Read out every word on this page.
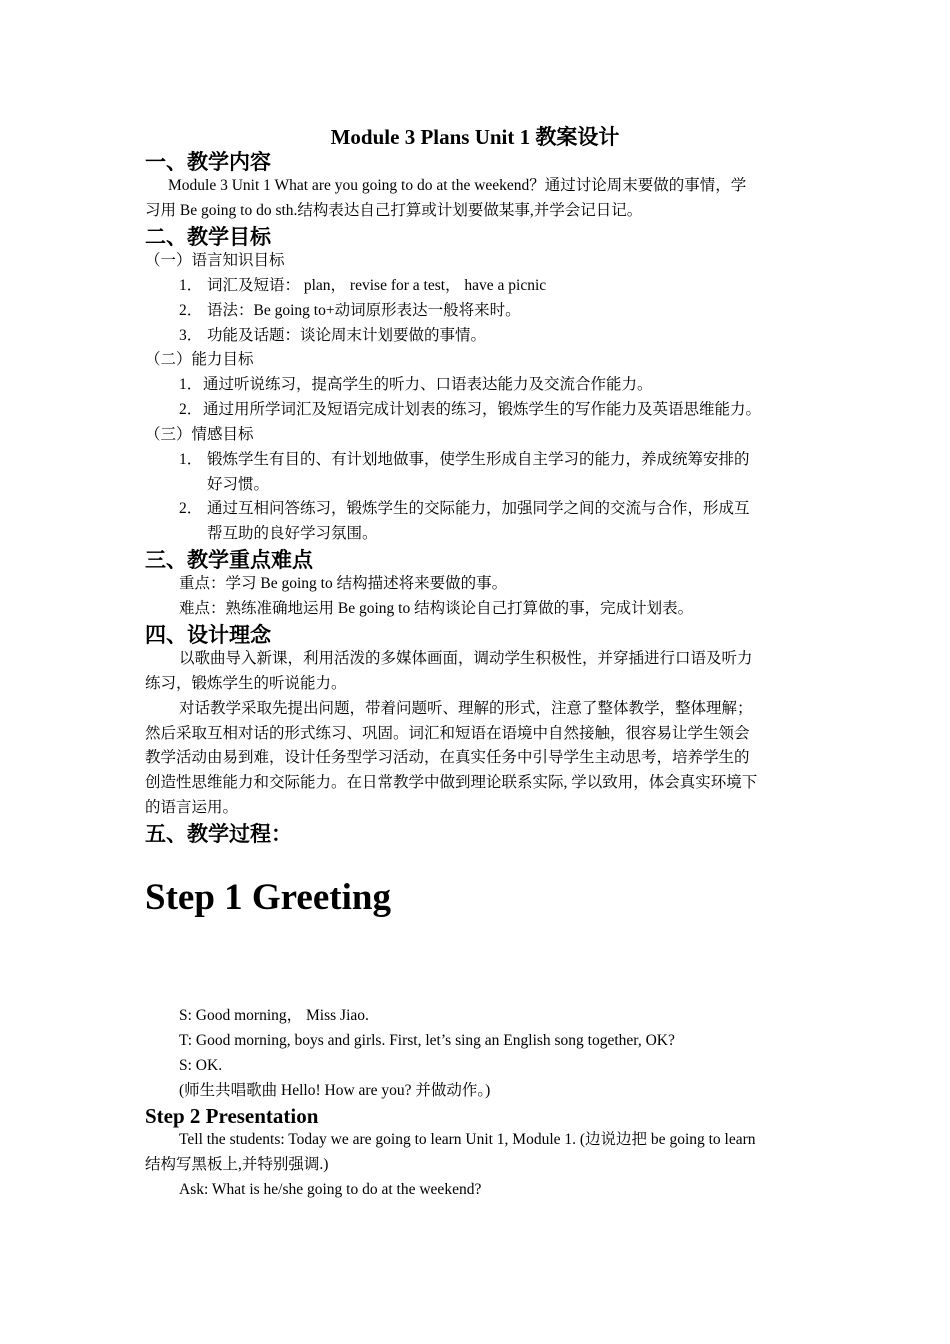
Module 3 Plans Unit 1 教案设计
一、教学内容
Module 3 Unit 1 What are you going to do at the weekend？通过讨论周末要做的事情，学
习用 Be going to do sth.结构表达自己打算或计划要做某事,并学会记日记。
二、教学目标
（一）语言知识目标
1． 词汇及短语： plan， revise for a test， have a picnic
2． 语法：Be going to+动词原形表达一般将来时。
3． 功能及话题：谈论周末计划要做的事情。
（二）能力目标
1．通过听说练习，提高学生的听力、口语表达能力及交流合作能力。
2．通过用所学词汇及短语完成计划表的练习，锻炼学生的写作能力及英语思维能力。
（三）情感目标
1． 锻炼学生有目的、有计划地做事，使学生形成自主学习的能力，养成统筹安排的
好习惯。
2． 通过互相问答练习，锻炼学生的交际能力，加强同学之间的交流与合作，形成互
帮互助的良好学习氛围。
三、教学重点难点
重点：学习 Be going to 结构描述将来要做的事。
难点：熟练准确地运用 Be going to 结构谈论自己打算做的事，完成计划表。
四、设计理念
以歌曲导入新课，利用活泼的多媒体画面，调动学生积极性，并穿插进行口语及听力
练习，锻炼学生的听说能力。
对话教学采取先提出问题，带着问题听、理解的形式，注意了整体教学，整体理解；
然后采取互相对话的形式练习、巩固。词汇和短语在语境中自然接触，很容易让学生领会
教学活动由易到难，设计任务型学习活动，在真实任务中引导学生主动思考，培养学生的
创造性思维能力和交际能力。在日常教学中做到理论联系实际, 学以致用，体会真实环境下
的语言运用。
五、教学过程：
Step 1 Greeting
S: Good morning， Miss Jiao.
T: Good morning, boys and girls. First, let’s sing an English song together, OK?
S: OK.
(师生共唱歌曲 Hello! How are you? 并做动作。)
Step 2 Presentation
Tell the students: Today we are going to learn Unit 1, Module 1. (边说边把 be going to learn
结构写黑板上,并特别强调.)
Ask: What is he/she going to do at the weekend?
